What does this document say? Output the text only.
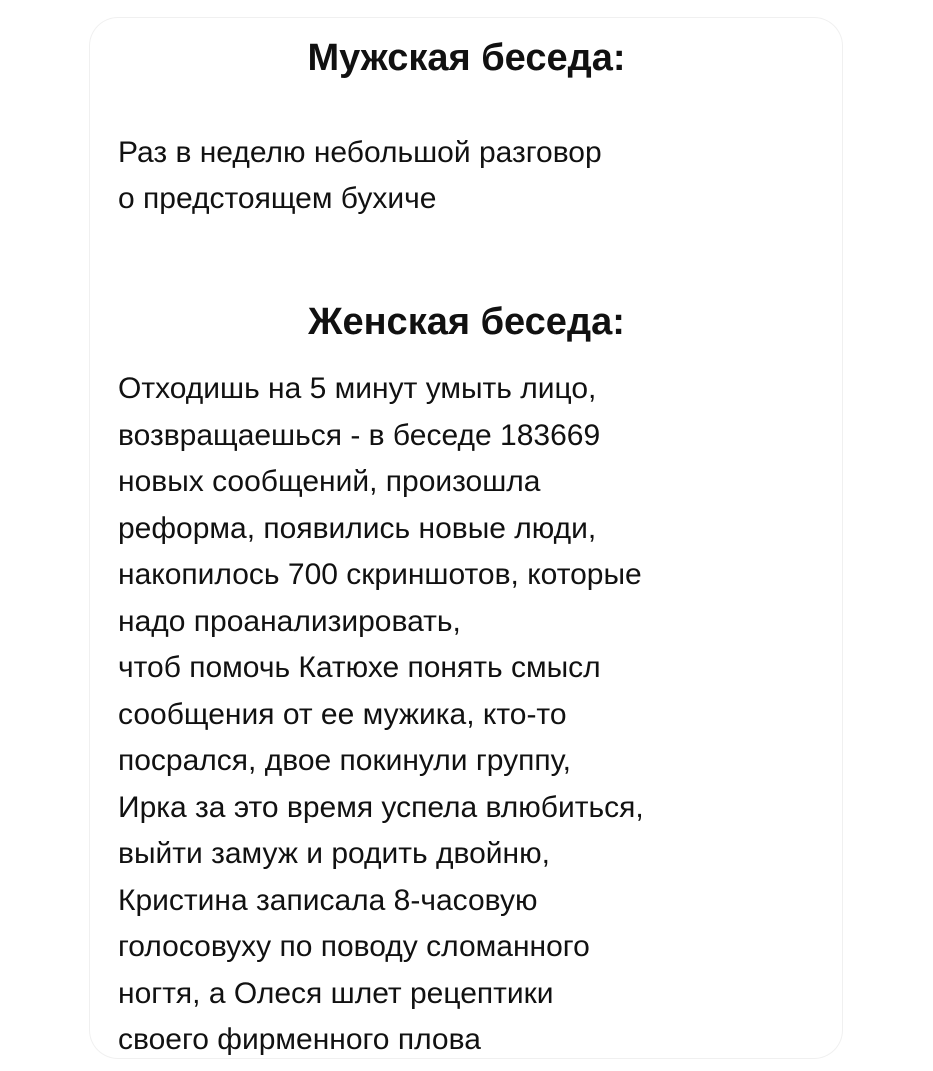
Мужская беседа:
Раз в неделю небольшой разговор
о предстоящем бухиче
Женская беседа:
Отходишь на 5 минут умыть лицо,
возвращаешься - в беседе 183669
новых сообщений, произошла
реформа, появились новые люди,
накопилось 700 скриншотов, которые
надо проанализировать,
чтоб помочь Катюхе понять смысл
сообщения от ее мужика, кто-то
посрался, двое покинули группу,
Ирка за это время успела влюбиться,
выйти замуж и родить двойню,
Кристина записала 8-часовую
голосовуху по поводу сломанного
ногтя, а Олеся шлет рецептики
своего фирменного плова
